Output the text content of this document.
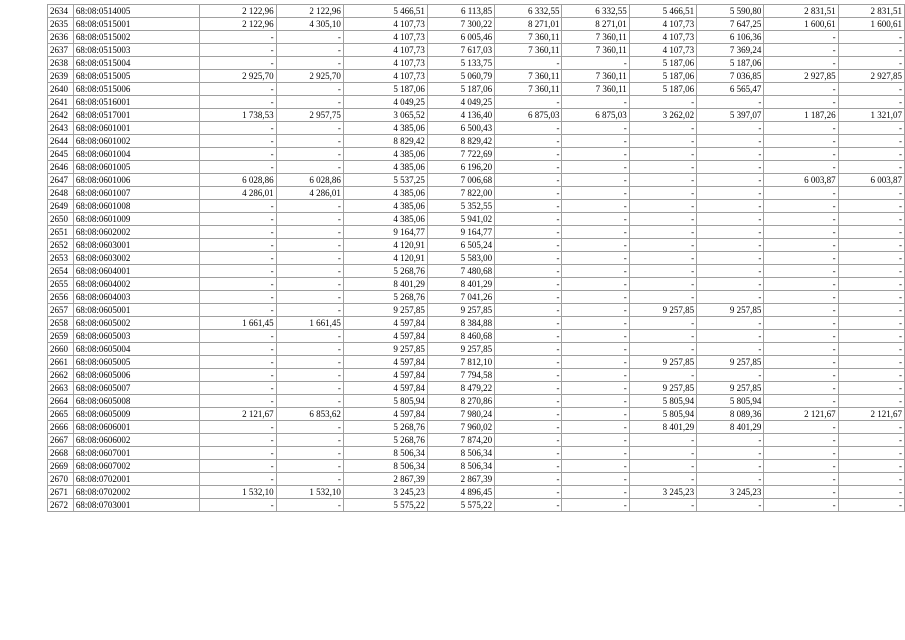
2634	68:08:0514005	2 122,96	2 122,96	5 466,51	6 113,85	6 332,55	6 332,55	5 466,51	5 590,80	2 831,51	2 831,51
2635	68:08:0515001	2 122,96	4 305,10	4 107,73	7 300,22	8 271,01	8 271,01	4 107,73	7 647,25	1 600,61	1 600,61
2636	68:08:0515002	-	-	4 107,73	6 005,46	7 360,11	7 360,11	4 107,73	6 106,36	-	-
2637	68:08:0515003	-	-	4 107,73	7 617,03	7 360,11	7 360,11	4 107,73	7 369,24	-	-
2638	68:08:0515004	-	-	4 107,73	5 133,75	-	-	5 187,06	5 187,06	-	-
2639	68:08:0515005	2 925,70	2 925,70	4 107,73	5 060,79	7 360,11	7 360,11	5 187,06	7 036,85	2 927,85	2 927,85
2640	68:08:0515006	-	-	5 187,06	5 187,06	7 360,11	7 360,11	5 187,06	6 565,47	-	-
2641	68:08:0516001	-	-	4 049,25	4 049,25	-	-	-	-	-	-
2642	68:08:0517001	1 738,53	2 957,75	3 065,52	4 136,40	6 875,03	6 875,03	3 262,02	5 397,07	1 187,26	1 321,07
2643	68:08:0601001	-	-	4 385,06	6 500,43	-	-	-	-	-	-
2644	68:08:0601002	-	-	8 829,42	8 829,42	-	-	-	-	-	-
2645	68:08:0601004	-	-	4 385,06	7 722,69	-	-	-	-	-	-
2646	68:08:0601005	-	-	4 385,06	6 196,20	-	-	-	-	-	-
2647	68:08:0601006	6 028,86	6 028,86	5 537,25	7 006,68	-	-	-	-	6 003,87	6 003,87
2648	68:08:0601007	4 286,01	4 286,01	4 385,06	7 822,00	-	-	-	-	-	-
2649	68:08:0601008	-	-	4 385,06	5 352,55	-	-	-	-	-	-
2650	68:08:0601009	-	-	4 385,06	5 941,02	-	-	-	-	-	-
2651	68:08:0602002	-	-	9 164,77	9 164,77	-	-	-	-	-	-
2652	68:08:0603001	-	-	4 120,91	6 505,24	-	-	-	-	-	-
2653	68:08:0603002	-	-	4 120,91	5 583,00	-	-	-	-	-	-
2654	68:08:0604001	-	-	5 268,76	7 480,68	-	-	-	-	-	-
2655	68:08:0604002	-	-	8 401,29	8 401,29	-	-	-	-	-	-
2656	68:08:0604003	-	-	5 268,76	7 041,26	-	-	-	-	-	-
2657	68:08:0605001	-	-	9 257,85	9 257,85	-	-	9 257,85	9 257,85	-	-
2658	68:08:0605002	1 661,45	1 661,45	4 597,84	8 384,88	-	-	-	-	-	-
2659	68:08:0605003	-	-	4 597,84	8 460,68	-	-	-	-	-	-
2660	68:08:0605004	-	-	9 257,85	9 257,85	-	-	-	-	-	-
2661	68:08:0605005	-	-	4 597,84	7 812,10	-	-	9 257,85	9 257,85	-	-
2662	68:08:0605006	-	-	4 597,84	7 794,58	-	-	-	-	-	-
2663	68:08:0605007	-	-	4 597,84	8 479,22	-	-	9 257,85	9 257,85	-	-
2664	68:08:0605008	-	-	5 805,94	8 270,86	-	-	5 805,94	5 805,94	-	-
2665	68:08:0605009	2 121,67	6 853,62	4 597,84	7 980,24	-	-	5 805,94	8 089,36	2 121,67	2 121,67
2666	68:08:0606001	-	-	5 268,76	7 960,02	-	-	8 401,29	8 401,29	-	-
2667	68:08:0606002	-	-	5 268,76	7 874,20	-	-	-	-	-	-
2668	68:08:0607001	-	-	8 506,34	8 506,34	-	-	-	-	-	-
2669	68:08:0607002	-	-	8 506,34	8 506,34	-	-	-	-	-	-
2670	68:08:0702001	-	-	2 867,39	2 867,39	-	-	-	-	-	-
2671	68:08:0702002	1 532,10	1 532,10	3 245,23	4 896,45	-	-	3 245,23	3 245,23	-	-
2672	68:08:0703001	-	-	5 575,22	5 575,22	-	-	-	-	-	-
